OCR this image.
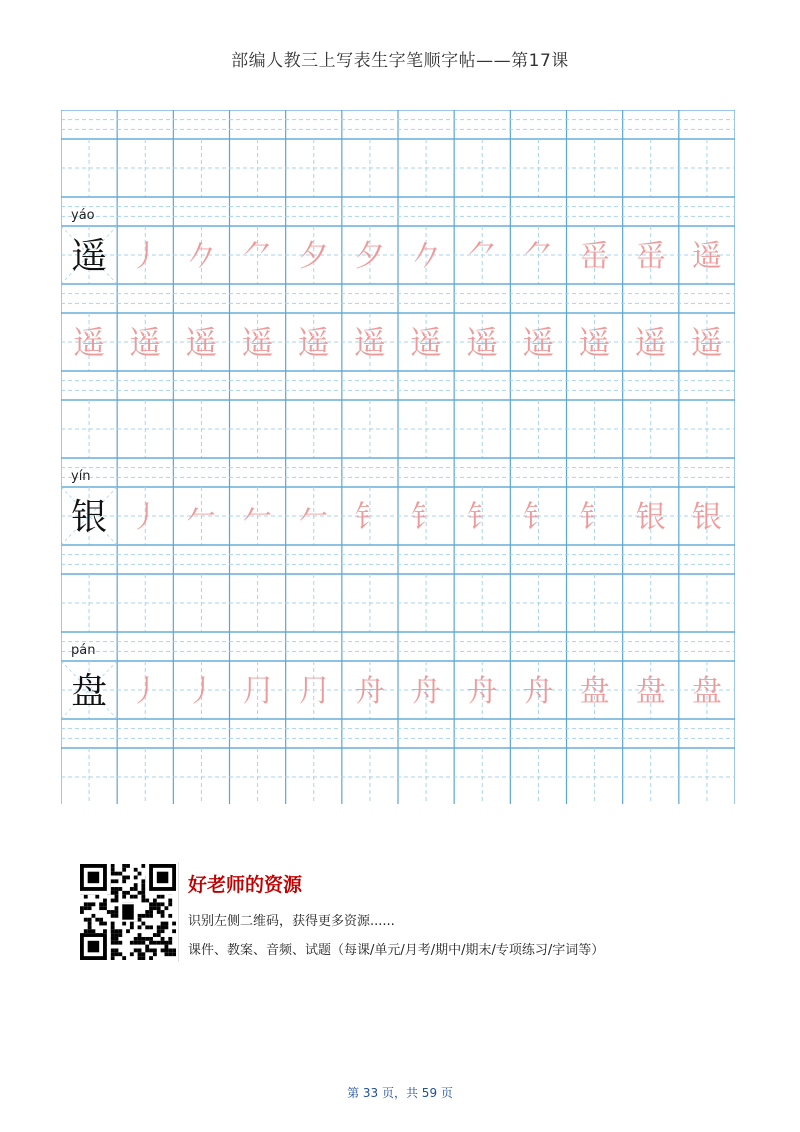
部编人教三上写表生字笔顺字帖——第17课
yáo
遥 丿 𠂊 ⺈ 夕 夕 𠂊 ⺈ ⺈ 䍃 䍃 遥
遥 遥 遥 遥 遥 遥 遥 遥 遥 遥 遥 遥
yín
银 丿 𠂉 𠂉 𠂉 钅 钅 钅 钅 钅 银 银
pán
盘 丿 丿 ⺆ ⺆ 舟 舟 舟 舟 盘 盘 盘
好老师的资源
识别左侧二维码，获得更多资源......
课件、教案、音频、试题（每课/单元/月考/期中/期末/专项练习/字词等）
第 33 页，共 59 页
